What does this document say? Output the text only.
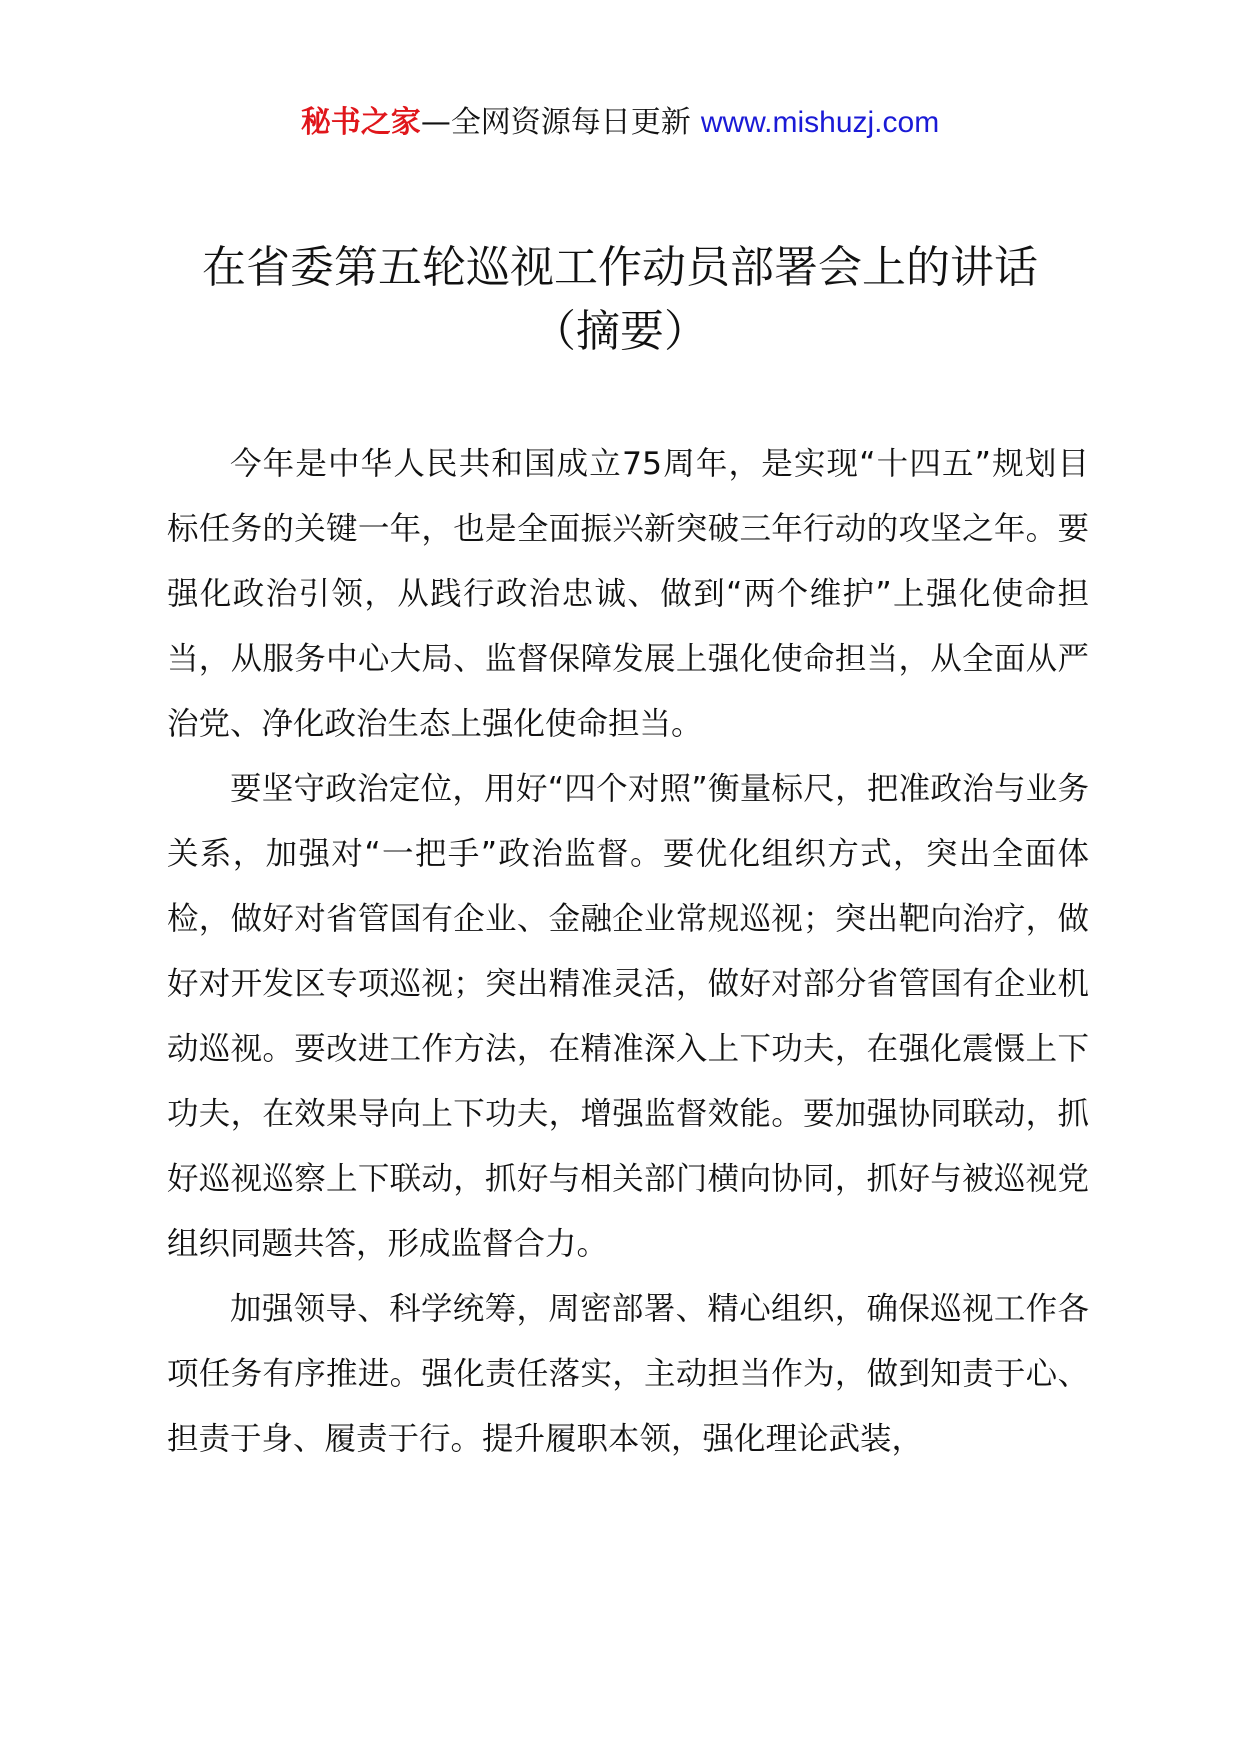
秘书之家—全网资源每日更新 www.mishuzj.com
在省委第五轮巡视工作动员部署会上的讲话
（摘要）

今年是中华人民共和国成立75周年，是实现“十四五”规划目标任务的关键一年，也是全面振兴新突破三年行动的攻坚之年。要强化政治引领，从践行政治忠诚、做到“两个维护”上强化使命担当，从服务中心大局、监督保障发展上强化使命担当，从全面从严治党、净化政治生态上强化使命担当。

要坚守政治定位，用好“四个对照”衡量标尺，把准政治与业务关系，加强对“一把手”政治监督。要优化组织方式，突出全面体检，做好对省管国有企业、金融企业常规巡视；突出靶向治疗，做好对开发区专项巡视；突出精准灵活，做好对部分省管国有企业机动巡视。要改进工作方法，在精准深入上下功夫，在强化震慑上下功夫，在效果导向上下功夫，增强监督效能。要加强协同联动，抓好巡视巡察上下联动，抓好与相关部门横向协同，抓好与被巡视党组织同题共答，形成监督合力。

加强领导、科学统筹，周密部署、精心组织，确保巡视工作各项任务有序推进。强化责任落实，主动担当作为，做到知责于心、担责于身、履责于行。提升履职本领，强化理论武装，
